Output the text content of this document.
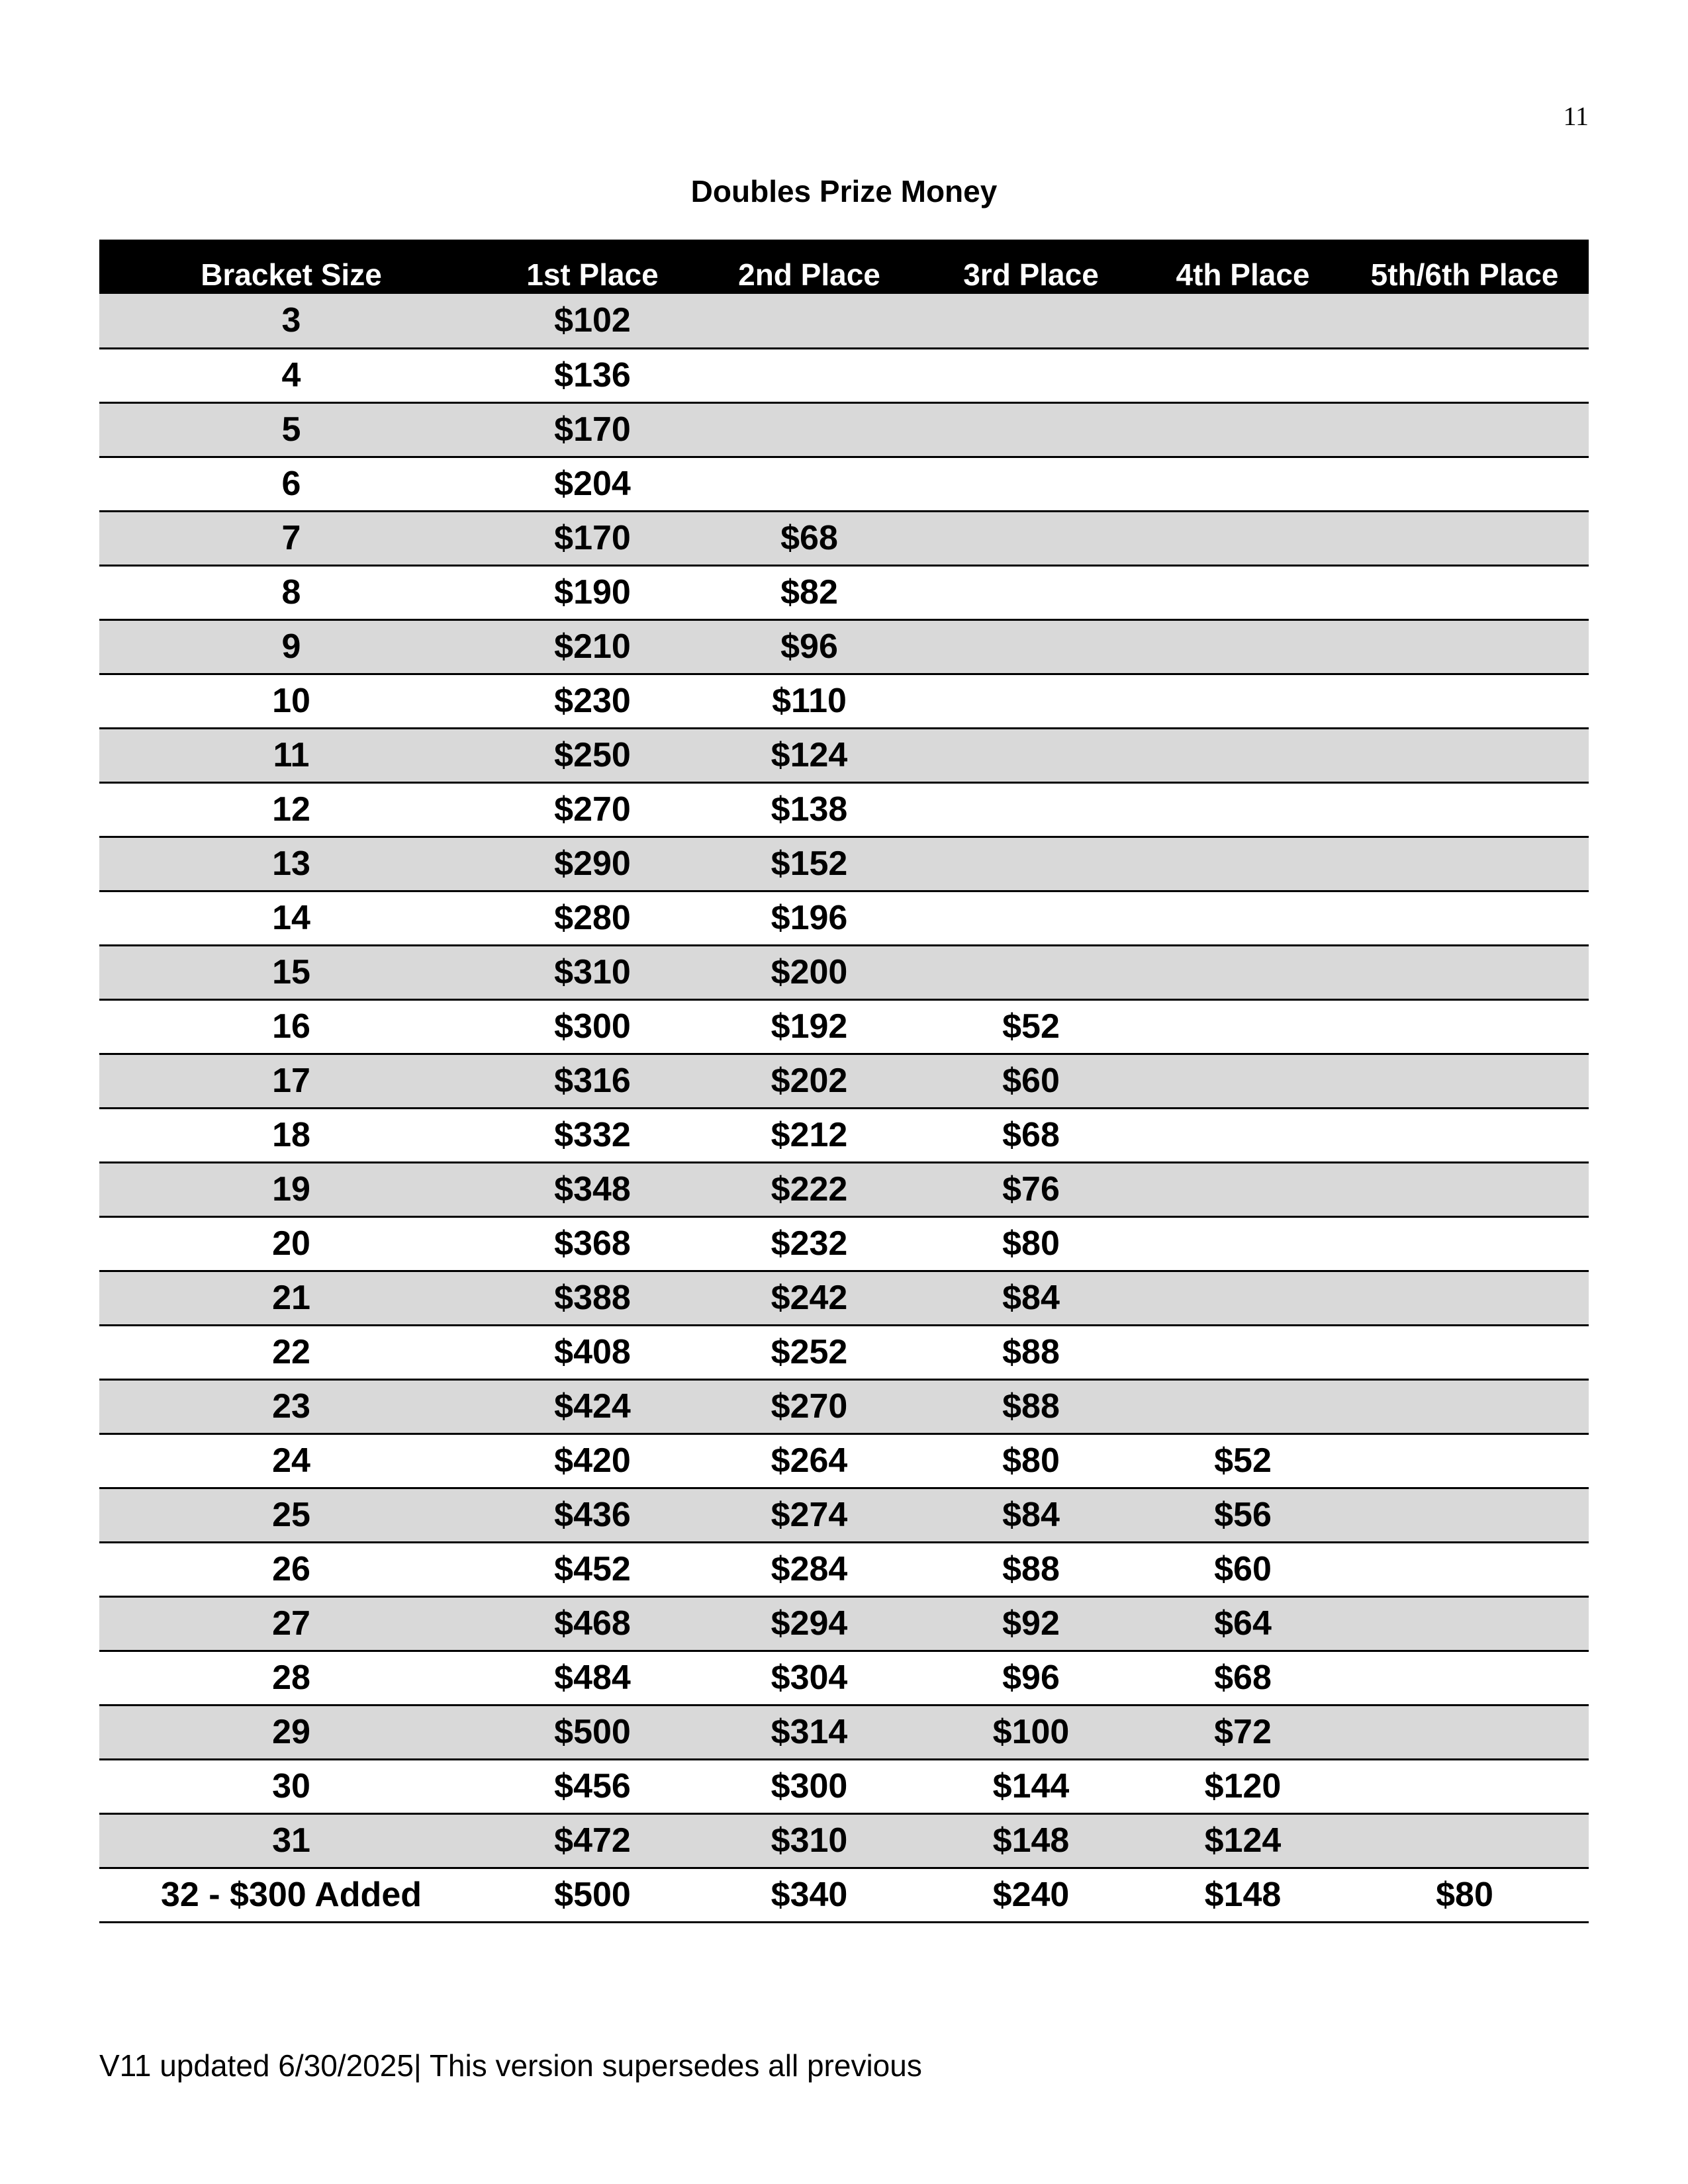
11
Doubles Prize Money
Bracket Size	1st Place	2nd Place	3rd Place	4th Place	5th/6th Place
3	$102				
4	$136				
5	$170				
6	$204				
7	$170	$68			
8	$190	$82			
9	$210	$96			
10	$230	$110			
11	$250	$124			
12	$270	$138			
13	$290	$152			
14	$280	$196			
15	$310	$200			
16	$300	$192	$52		
17	$316	$202	$60		
18	$332	$212	$68		
19	$348	$222	$76		
20	$368	$232	$80		
21	$388	$242	$84		
22	$408	$252	$88		
23	$424	$270	$88		
24	$420	$264	$80	$52	
25	$436	$274	$84	$56	
26	$452	$284	$88	$60	
27	$468	$294	$92	$64	
28	$484	$304	$96	$68	
29	$500	$314	$100	$72	
30	$456	$300	$144	$120	
31	$472	$310	$148	$124	
32 - $300 Added	$500	$340	$240	$148	$80
V11 updated 6/30/2025| This version supersedes all previous
